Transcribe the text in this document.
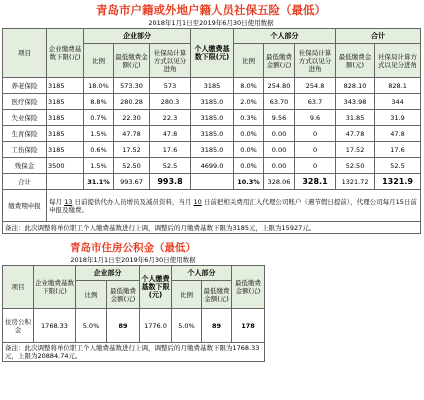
青岛市户籍或外地户籍人员社保五险（最低）
2018年1月1日至2019年6月30日使用数据
项目	企业缴费基数下限(元)	企业部分			个人缴费基数下限(元)	个人部分			合计	
		比例	最低缴费金额(元)	社保局计算方式以见分进角		比例	最低缴费金额(元)	社保局计算方式以见分进角	最低缴费金额(元)	社保局计算方式以见分进角
养老保险	3185	18.0%	573.30	573	3185	8.0%	254.80	254.8	828.10	828.1
医疗保险	3185	8.8%	280.28	280.3	3185.0	2.0%	63.70	63.7	343.98	344
失业保险	3185	0.7%	22.30	22.3	3185.0	0.3%	9.56	9.6	31.85	31.9
生育保险	3185	1.5%	47.78	47.8	3185.0	0.0%	0.00	0	47.78	47.8
工伤保险	3185	0.6%	17.52	17.6	3185.0	0.0%	0.00	0	17.52	17.6
残保金	3500	1.5%	52.50	52.5	4699.0	0.0%	0.00	0	52.50	52.5
合计		31.1%	993.67	993.8		10.3%	328.06	328.1	1321.72	1321.9
缴费期申报	每月 13 日前提供代办人员增员及减员资料，当月 10 日前把相关费用汇入代理公司账户（遇节假日提前），代理公司每月15日前申报及缴费。									
备注：此次调整将单位职工个人缴费基数进行上调，调整后的月缴费基数下限为3185元，上限为15927元。										
青岛市住房公积金（最低）
2018年1月1日至2019年6月30日使用数据
项目	企业缴费基数下限(元)	企业部分		个人缴费基数下限(元)	个人部分		最低缴费金额(元)
		比例	最低缴费金额(元)		比例	最低缴费金额(元)	
住房公积金	1768.33	5.0%	89	1776.0	5.0%	89	178
备注：此次调整将单位职工个人缴费基数进行上调，调整后的月缴费基数下限为1768.33元，上限为20884.74元。							
